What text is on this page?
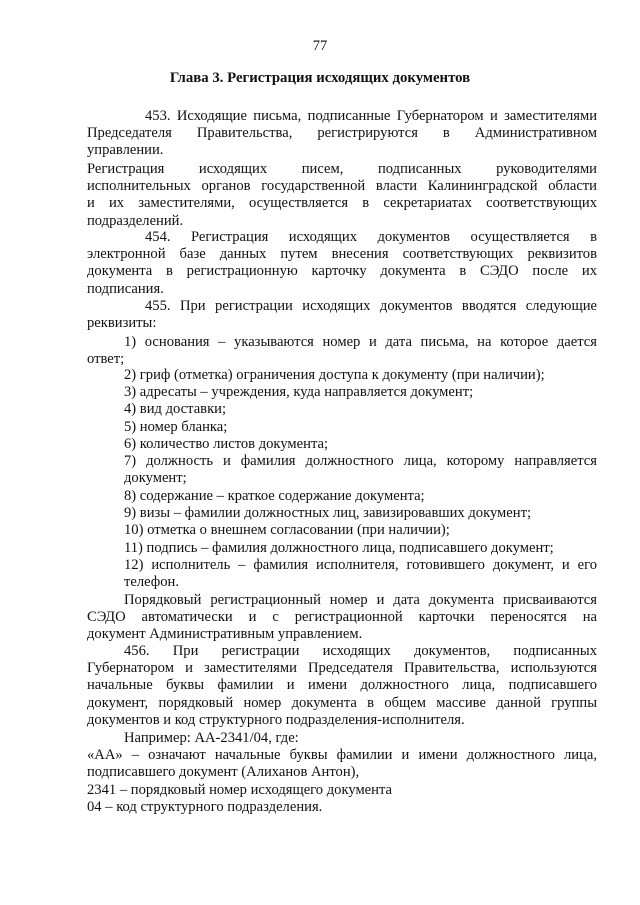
77
Глава 3. Регистрация исходящих документов
453. Исходящие письма, подписанные Губернатором и заместителями
Председателя Правительства, регистрируются в Административном
управлении.
Регистрация исходящих писем, подписанных руководителями
исполнительных органов государственной власти Калининградской области
и их заместителями, осуществляется в секретариатах соответствующих
подразделений.
454. Регистрация исходящих документов осуществляется в
электронной базе данных путем внесения соответствующих реквизитов
документа в регистрационную карточку документа в СЭДО после их
подписания.
455. При регистрации исходящих документов вводятся следующие
реквизиты:
1) основания – указываются номер и дата письма, на которое дается
ответ;
2) гриф (отметка) ограничения доступа к документу (при наличии);
3) адресаты – учреждения, куда направляется документ;
4) вид доставки;
5) номер бланка;
6) количество листов документа;
7) должность и фамилия должностного лица, которому направляется
документ;
8) содержание – краткое содержание документа;
9) визы – фамилии должностных лиц, завизировавших документ;
10) отметка о внешнем согласовании (при наличии);
11) подпись – фамилия должностного лица, подписавшего документ;
12) исполнитель – фамилия исполнителя, готовившего документ, и его
телефон.
Порядковый регистрационный номер и дата документа присваиваются
СЭДО автоматически и с регистрационной карточки переносятся на
документ Административным управлением.
456. При регистрации исходящих документов, подписанных
Губернатором и заместителями Председателя Правительства, используются
начальные буквы фамилии и имени должностного лица, подписавшего
документ, порядковый номер документа в общем массиве данной группы
документов и код структурного подразделения-исполнителя.
Например: АА-2341/04, где:
«АА» – означают начальные буквы фамилии и имени должностного лица,
подписавшего документ (Алиханов Антон),
2341 – порядковый номер исходящего документа
04 – код структурного подразделения.
